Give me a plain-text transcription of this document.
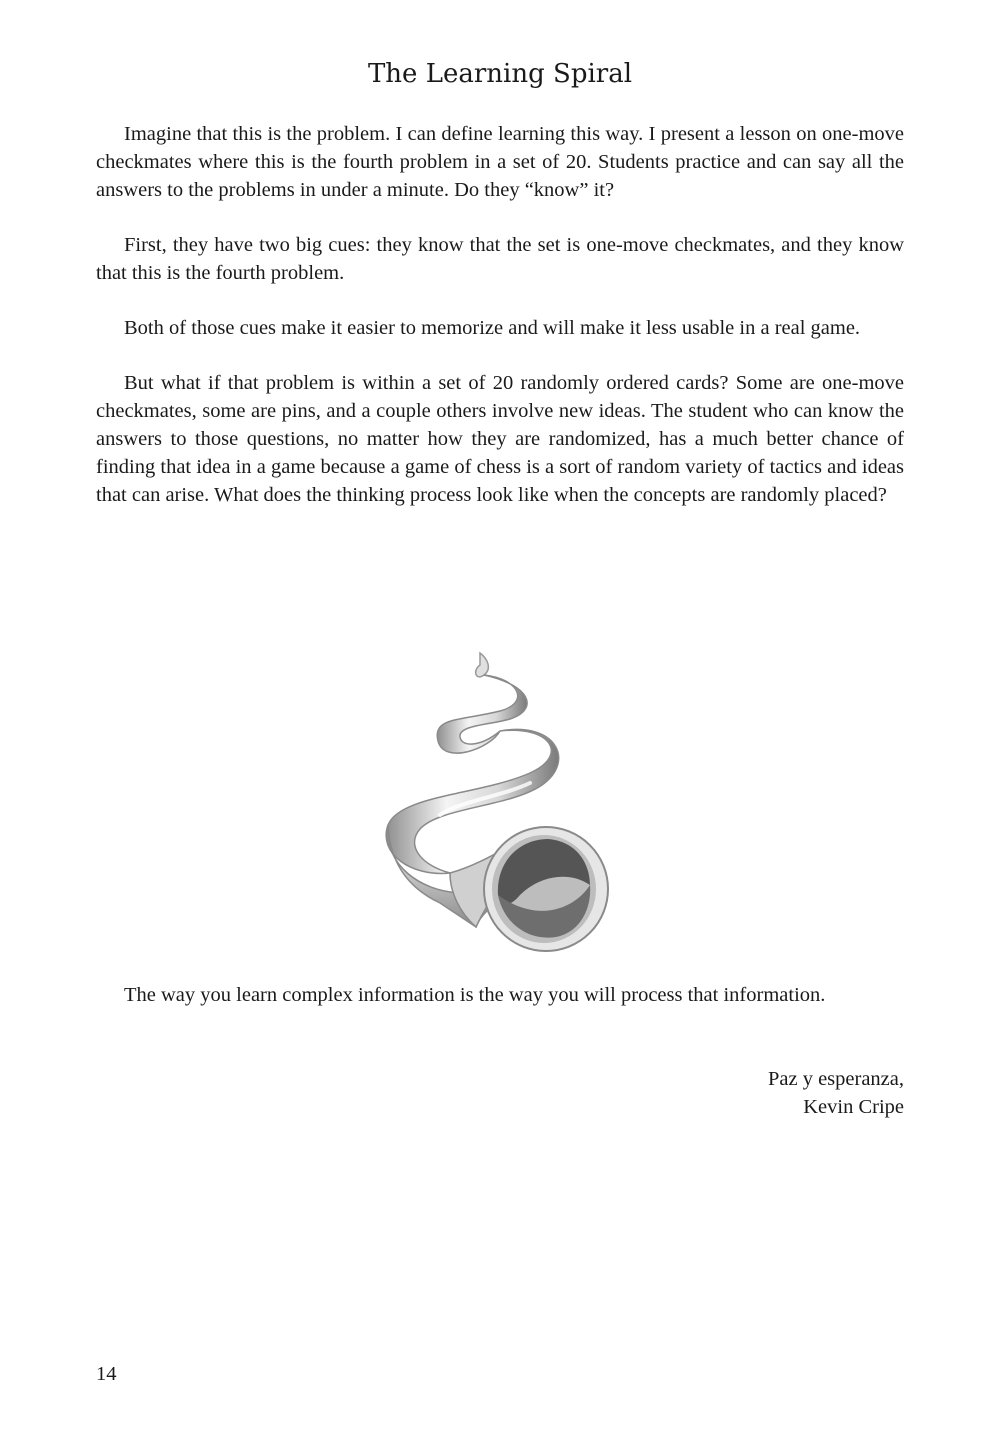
The Learning Spiral

Imagine that this is the problem. I can define learning this way. I present a lesson on one-move checkmates where this is the fourth problem in a set of 20. Students practice and can say all the answers to the problems in under a minute. Do they “know” it?

First, they have two big cues: they know that the set is one-move checkmates, and they know that this is the fourth problem.

Both of those cues make it easier to memorize and will make it less usable in a real game.

But what if that problem is within a set of 20 randomly ordered cards? Some are one-move checkmates, some are pins, and a couple others involve new ideas. The student who can know the answers to those questions, no matter how they are randomized, has a much better chance of finding that idea in a game because a game of chess is a sort of random variety of tactics and ideas that can arise. What does the thinking process look like when the concepts are randomly placed?

The way you learn complex information is the way you will process that information.

Paz y esperanza,
Kevin Cripe
14
